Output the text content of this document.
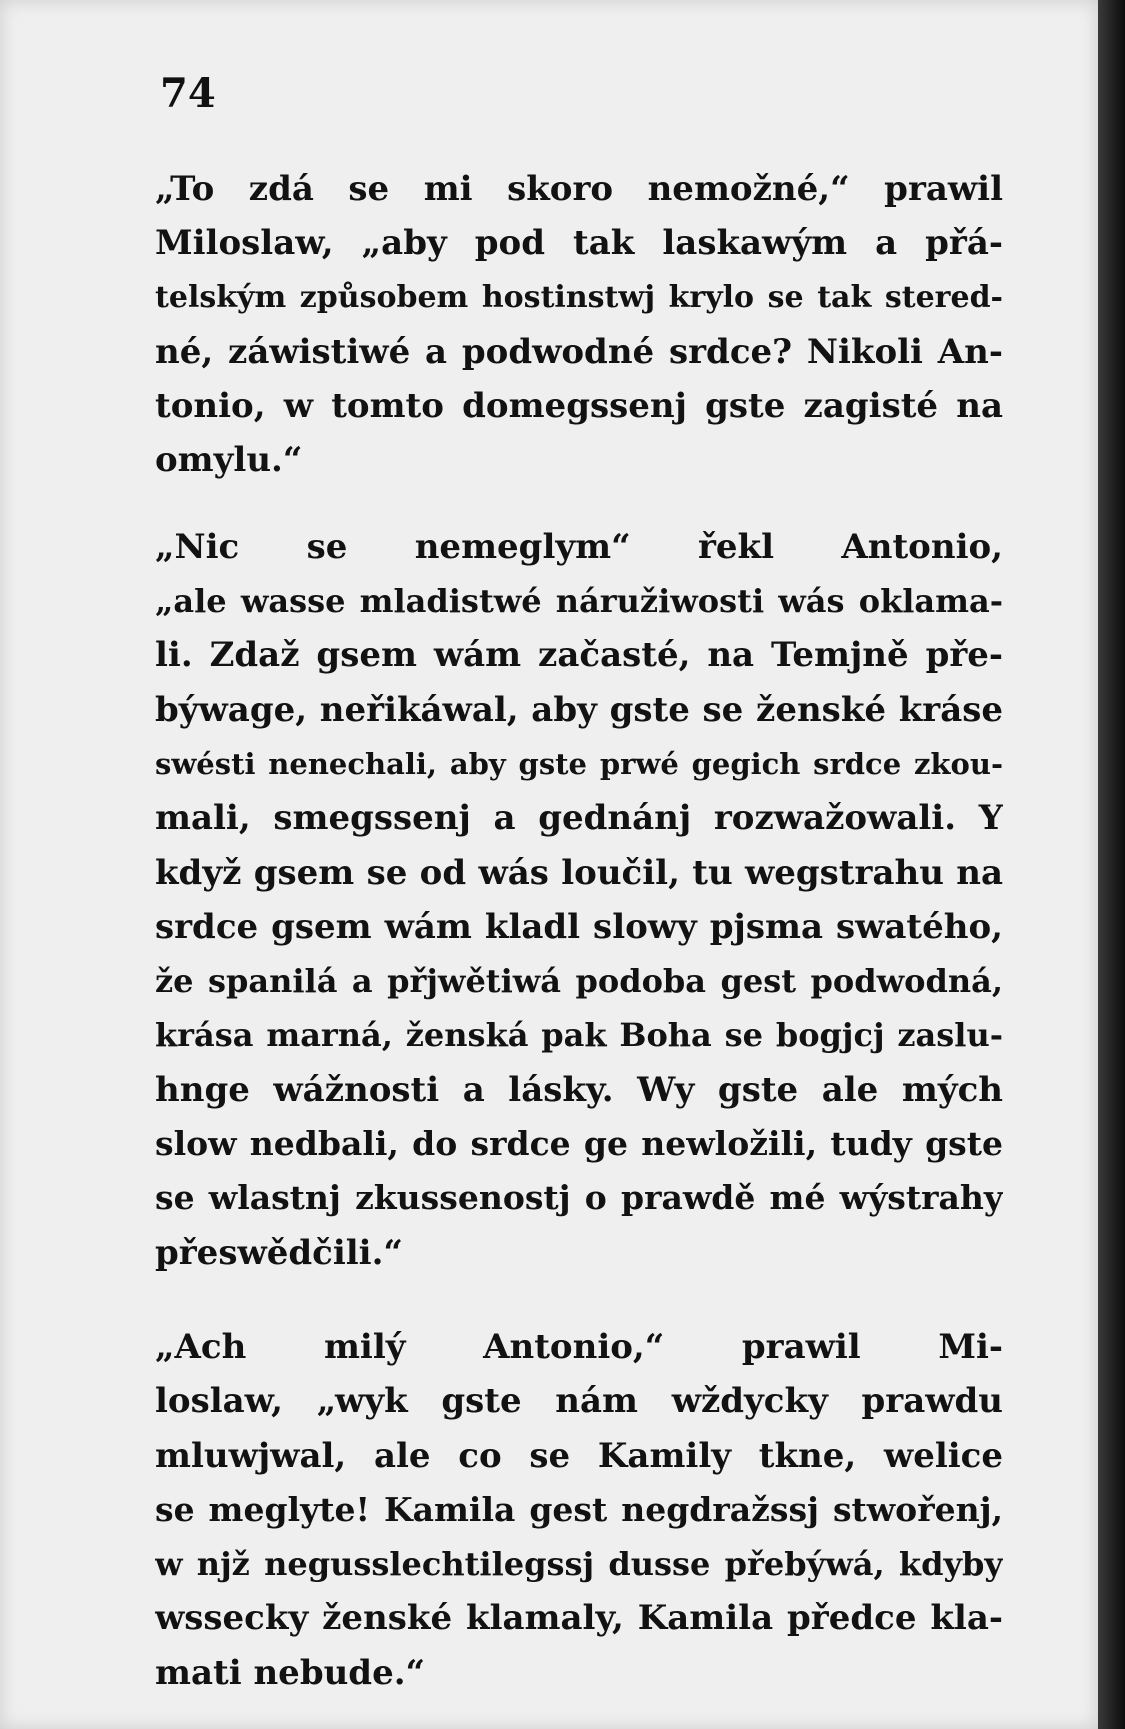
74
„To zdá se mi skoro nemožné,“ prawil
Miloslaw, „aby pod tak laskawým a přá-
telským způsobem hostinstwj krylo se tak stered-
né, záwistiwé a podwodné srdce? Nikoli An-
tonio, w tomto domegssenj gste zagisté na
omylu.“
„Nic se nemeglym“ řekl Antonio,
„ale wasse mladistwé náružiwosti wás oklama-
li. Zdaž gsem wám začasté, na Temjně pře-
býwage, neřikáwal, aby gste se ženské kráse
swésti nenechali, aby gste prwé gegich srdce zkou-
mali, smegssenj a gednánj rozwažowali. Y
když gsem se od wás loučil, tu wegstrahu na
srdce gsem wám kladl slowy pjsma swatého,
že spanilá a přjwětiwá podoba gest podwodná,
krása marná, ženská pak Boha se bogjcj zaslu-
hnge wážnosti a lásky. Wy gste ale mých
slow nedbali, do srdce ge newložili, tudy gste
se wlastnj zkussenostj o prawdě mé wýstrahy
přeswědčili.“
„Ach milý Antonio,“ prawil Mi-
loslaw, „wyk gste nám wždycky prawdu
mluwjwal, ale co se Kamily tkne, welice
se meglyte! Kamila gest negdražssj stwořenj,
w njž negusslechtilegssj dusse přebýwá, kdyby
wssecky ženské klamaly, Kamila předce kla-
mati nebude.“
